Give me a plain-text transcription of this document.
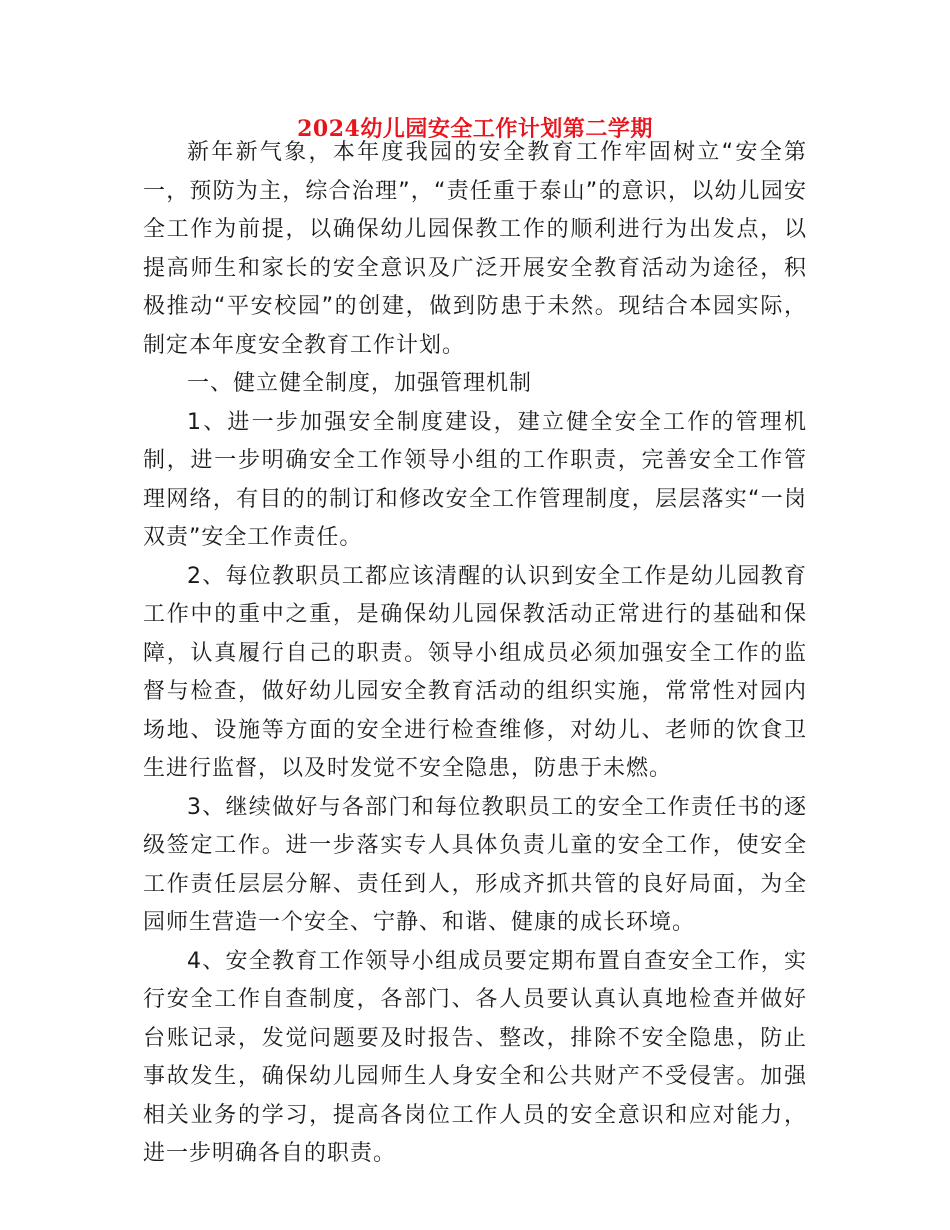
2024幼儿园安全工作计划第二学期

新年新气象，本年度我园的安全教育工作牢固树立“安全第一，预防为主，综合治理”，“责任重于泰山”的意识，以幼儿园安全工作为前提，以确保幼儿园保教工作的顺利进行为出发点，以提高师生和家长的安全意识及广泛开展安全教育活动为途径，积极推动“平安校园”的创建，做到防患于未然。现结合本园实际，制定本年度安全教育工作计划。

一、健立健全制度，加强管理机制

1、进一步加强安全制度建设，建立健全安全工作的管理机制，进一步明确安全工作领导小组的工作职责，完善安全工作管理网络，有目的的制订和修改安全工作管理制度，层层落实“一岗双责”安全工作责任。

2、每位教职员工都应该清醒的认识到安全工作是幼儿园教育工作中的重中之重，是确保幼儿园保教活动正常进行的基础和保障，认真履行自己的职责。领导小组成员必须加强安全工作的监督与检查，做好幼儿园安全教育活动的组织实施，常常性对园内场地、设施等方面的安全进行检查维修，对幼儿、老师的饮食卫生进行监督，以及时发觉不安全隐患，防患于未燃。

3、继续做好与各部门和每位教职员工的安全工作责任书的逐级签定工作。进一步落实专人具体负责儿童的安全工作，使安全工作责任层层分解、责任到人，形成齐抓共管的良好局面，为全园师生营造一个安全、宁静、和谐、健康的成长环境。

4、安全教育工作领导小组成员要定期布置自查安全工作，实行安全工作自查制度，各部门、各人员要认真认真地检查并做好台账记录，发觉问题要及时报告、整改，排除不安全隐患，防止事故发生，确保幼儿园师生人身安全和公共财产不受侵害。加强相关业务的学习，提高各岗位工作人员的安全意识和应对能力，进一步明确各自的职责。
